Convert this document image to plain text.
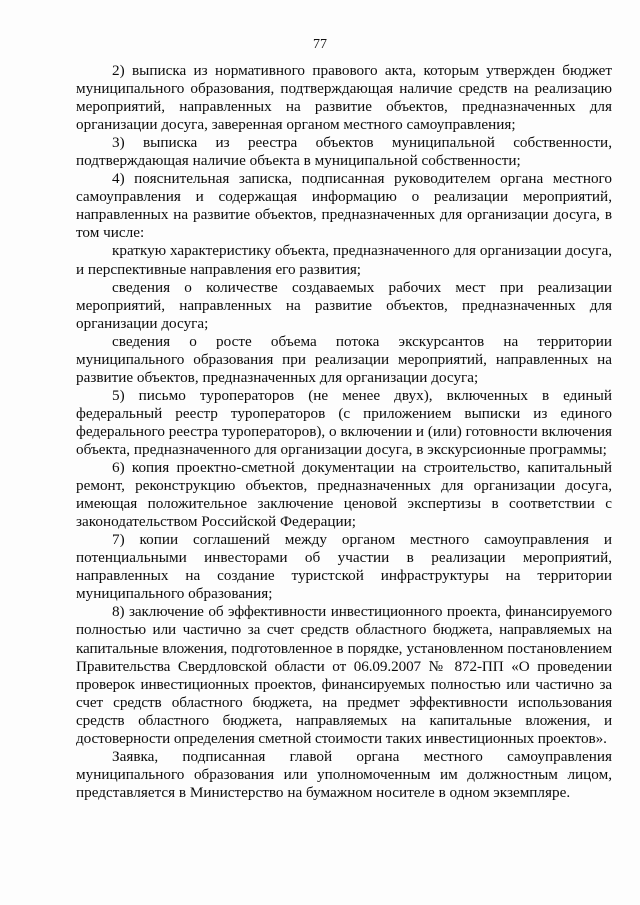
77

2) выписка из нормативного правового акта, которым утвержден бюджет муниципального образования, подтверждающая наличие средств на реализацию мероприятий, направленных на развитие объектов, предназначенных для организации досуга, заверенная органом местного самоуправления;

3) выписка из реестра объектов муниципальной собственности, подтверждающая наличие объекта в муниципальной собственности;

4) пояснительная записка, подписанная руководителем органа местного самоуправления и содержащая информацию о реализации мероприятий, направленных на развитие объектов, предназначенных для организации досуга, в том числе:

краткую характеристику объекта, предназначенного для организации досуга, и перспективные направления его развития;

сведения о количестве создаваемых рабочих мест при реализации мероприятий, направленных на развитие объектов, предназначенных для организации досуга;

сведения о росте объема потока экскурсантов на территории муниципального образования при реализации мероприятий, направленных на развитие объектов, предназначенных для организации досуга;

5) письмо туроператоров (не менее двух), включенных в единый федеральный реестр туроператоров (с приложением выписки из единого федерального реестра туроператоров), о включении и (или) готовности включения объекта, предназначенного для организации досуга, в экскурсионные программы;

6) копия проектно-сметной документации на строительство, капитальный ремонт, реконструкцию объектов, предназначенных для организации досуга, имеющая положительное заключение ценовой экспертизы в соответствии с законодательством Российской Федерации;

7) копии соглашений между органом местного самоуправления и потенциальными инвесторами об участии в реализации мероприятий, направленных на создание туристской инфраструктуры на территории муниципального образования;

8) заключение об эффективности инвестиционного проекта, финансируемого полностью или частично за счет средств областного бюджета, направляемых на капитальные вложения, подготовленное в порядке, установленном постановлением Правительства Свердловской области от 06.09.2007 № 872-ПП «О проведении проверок инвестиционных проектов, финансируемых полностью или частично за счет средств областного бюджета, на предмет эффективности использования средств областного бюджета, направляемых на капитальные вложения, и достоверности определения сметной стоимости таких инвестиционных проектов».

Заявка, подписанная главой органа местного самоуправления муниципального образования или уполномоченным им должностным лицом, представляется в Министерство на бумажном носителе в одном экземпляре.
